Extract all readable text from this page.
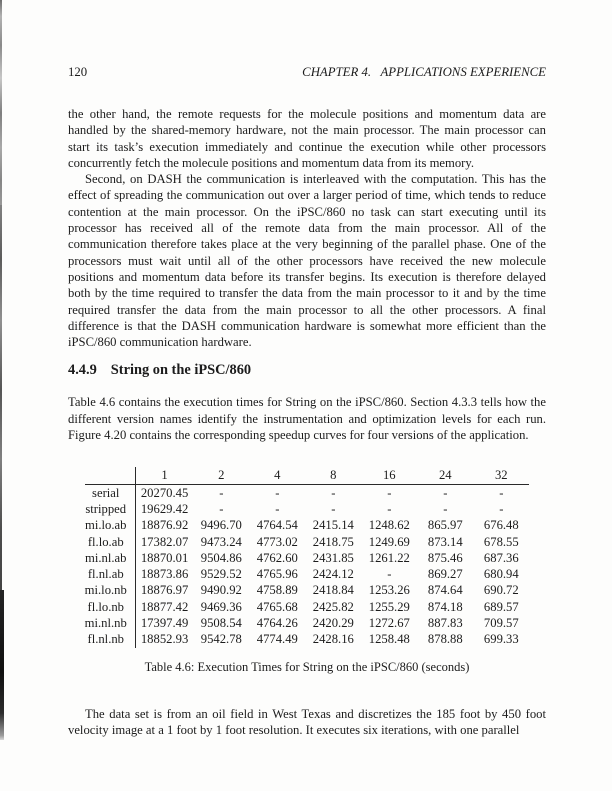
120	CHAPTER 4.   APPLICATIONS EXPERIENCE

the other hand, the remote requests for the molecule positions and momentum data are handled by the shared-memory hardware, not the main processor. The main processor can start its task’s execution immediately and continue the execution while other processors concurrently fetch the molecule positions and momentum data from its memory.

Second, on DASH the communication is interleaved with the computation. This has the effect of spreading the communication out over a larger period of time, which tends to reduce contention at the main processor. On the iPSC/860 no task can start executing until its processor has received all of the remote data from the main processor. All of the communication therefore takes place at the very beginning of the parallel phase. One of the processors must wait until all of the other processors have received the new molecule positions and momentum data before its transfer begins. Its execution is therefore delayed both by the time required to transfer the data from the main processor to it and by the time required transfer the data from the main processor to all the other processors. A final difference is that the DASH communication hardware is somewhat more efficient than the iPSC/860 communication hardware.

4.4.9 String on the iPSC/860

Table 4.6 contains the execution times for String on the iPSC/860. Section 4.3.3 tells how the different version names identify the instrumentation and optimization levels for each run. Figure 4.20 contains the corresponding speedup curves for four versions of the application.

	1	2	4	8	16	24	32
serial	20270.45	-	-	-	-	-	-
stripped	19629.42	-	-	-	-	-	-
mi.lo.ab	18876.92	9496.70	4764.54	2415.14	1248.62	865.97	676.48
fl.lo.ab	17382.07	9473.24	4773.02	2418.75	1249.69	873.14	678.55
mi.nl.ab	18870.01	9504.86	4762.60	2431.85	1261.22	875.46	687.36
fl.nl.ab	18873.86	9529.52	4765.96	2424.12	-	869.27	680.94
mi.lo.nb	18876.97	9490.92	4758.89	2418.84	1253.26	874.64	690.72
fl.lo.nb	18877.42	9469.36	4765.68	2425.82	1255.29	874.18	689.57
mi.nl.nb	17397.49	9508.54	4764.26	2420.29	1272.67	887.83	709.57
fl.nl.nb	18852.93	9542.78	4774.49	2428.16	1258.48	878.88	699.33
Table 4.6: Execution Times for String on the iPSC/860 (seconds)

The data set is from an oil field in West Texas and discretizes the 185 foot by 450 foot velocity image at a 1 foot by 1 foot resolution. It executes six iterations, with one parallel
